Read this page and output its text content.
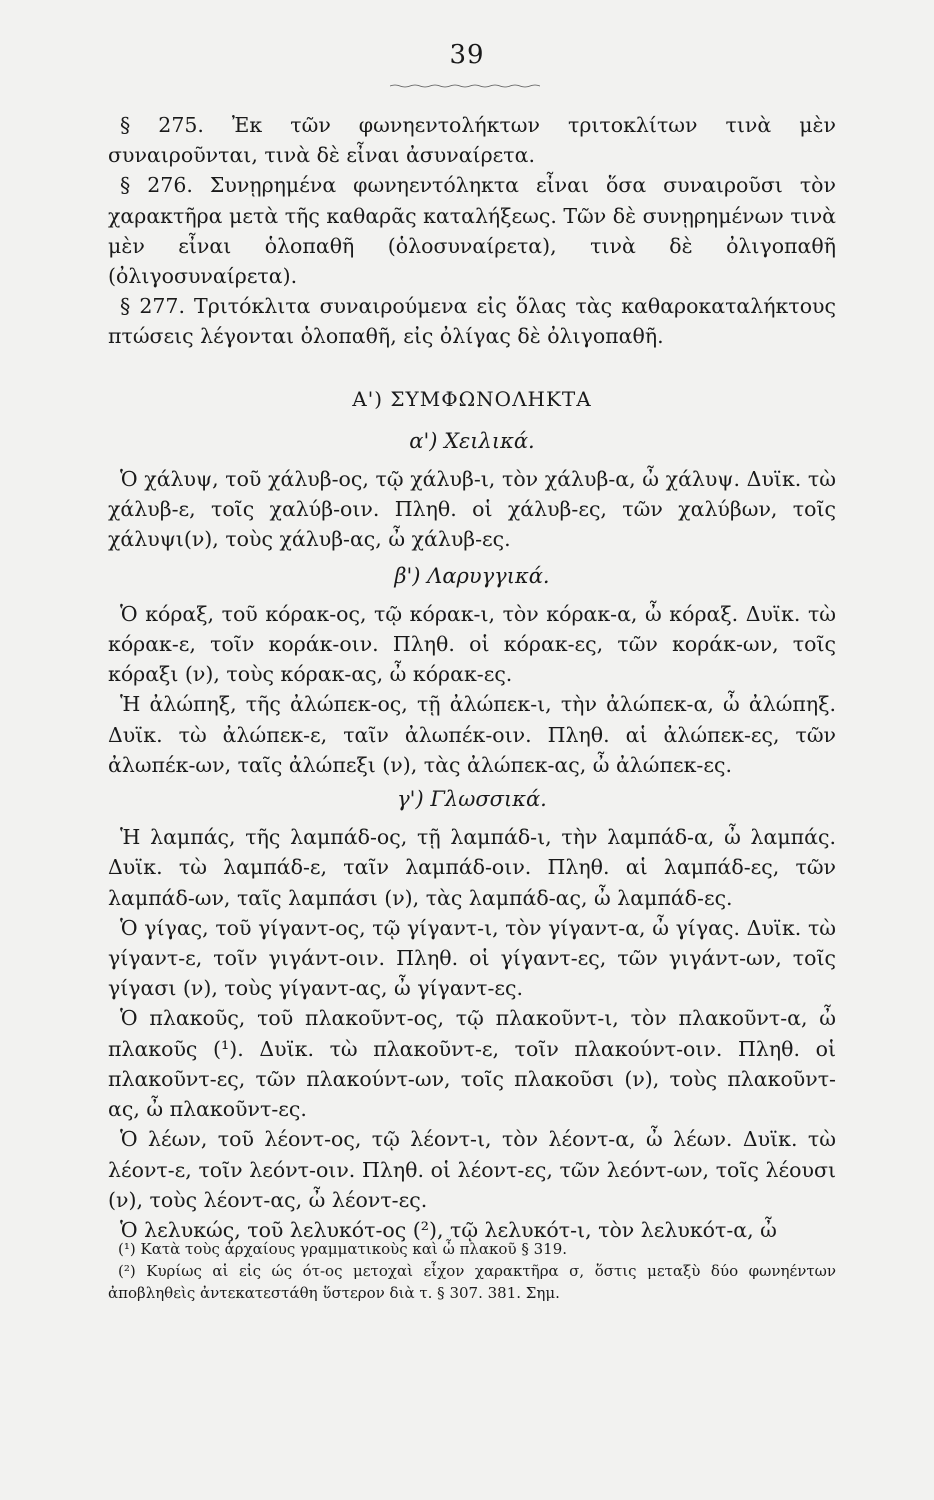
39

§ 275. Ἐκ τῶν φωνηεντολήκτων τριτοκλίτων τινὰ μὲν συναιροῦνται, τινὰ δὲ εἶναι ἀσυναίρετα.

§ 276. Συνῃρημένα φωνηεντόληκτα εἶναι ὅσα συναιροῦσι τὸν χαρακτῆρα μετὰ τῆς καθαρᾶς καταλήξεως. Τῶν δὲ συνῃρημένων τινὰ μὲν εἶναι ὁλοπαθῆ (ὁλοσυναίρετα), τινὰ δὲ ὀλιγοπαθῆ (ὀλιγοσυναίρετα).

§ 277. Τριτόκλιτα συναιρούμενα εἰς ὅλας τὰς καθαροκαταλήκτους πτώσεις λέγονται ὁλοπαθῆ, εἰς ὀλίγας δὲ ὀλιγοπαθῆ.

Α') ΣΥΜΦΩΝΟΛΗΚΤΑ
α') Χειλικά.

Ὁ χάλυψ, τοῦ χάλυβ-ος, τῷ χάλυβ-ι, τὸν χάλυβ-α, ὦ χάλυψ. Δυϊκ. τὼ χάλυβ-ε, τοῖς χαλύβ-οιν. Πληθ. οἱ χάλυβ-ες, τῶν χαλύβων, τοῖς χάλυψι(ν), τοὺς χάλυβ-ας, ὦ χάλυβ-ες.

β') Λαρυγγικά.

Ὁ κόραξ, τοῦ κόρακ-ος, τῷ κόρακ-ι, τὸν κόρακ-α, ὦ κόραξ. Δυϊκ. τὼ κόρακ-ε, τοῖν κοράκ-οιν. Πληθ. οἱ κόρακ-ες, τῶν κοράκ-ων, τοῖς κόραξι (ν), τοὺς κόρακ-ας, ὦ κόρακ-ες.

Ἡ ἀλώπηξ, τῆς ἀλώπεκ-ος, τῇ ἀλώπεκ-ι, τὴν ἀλώπεκ-α, ὦ ἀλώπηξ. Δυϊκ. τὼ ἀλώπεκ-ε, ταῖν ἀλωπέκ-οιν. Πληθ. αἱ ἀλώπεκ-ες, τῶν ἀλωπέκ-ων, ταῖς ἀλώπεξι (ν), τὰς ἀλώπεκ-ας, ὦ ἀλώπεκ-ες.

γ') Γλωσσικά.

Ἡ λαμπάς, τῆς λαμπάδ-ος, τῇ λαμπάδ-ι, τὴν λαμπάδ-α, ὦ λαμπάς. Δυϊκ. τὼ λαμπάδ-ε, ταῖν λαμπάδ-οιν. Πληθ. αἱ λαμπάδ-ες, τῶν λαμπάδ-ων, ταῖς λαμπάσι (ν), τὰς λαμπάδ-ας, ὦ λαμπάδ-ες.

Ὁ γίγας, τοῦ γίγαντ-ος, τῷ γίγαντ-ι, τὸν γίγαντ-α, ὦ γίγας. Δυϊκ. τὼ γίγαντ-ε, τοῖν γιγάντ-οιν. Πληθ. οἱ γίγαντ-ες, τῶν γιγάντ-ων, τοῖς γίγασι (ν), τοὺς γίγαντ-ας, ὦ γίγαντ-ες.

Ὁ πλακοῦς, τοῦ πλακοῦντ-ος, τῷ πλακοῦντ-ι, τὸν πλακοῦντ-α, ὦ πλακοῦς (¹). Δυϊκ. τὼ πλακοῦντ-ε, τοῖν πλακούντ-οιν. Πληθ. οἱ πλακοῦντ-ες, τῶν πλακούντ-ων, τοῖς πλακοῦσι (ν), τοὺς πλακοῦντ-ας, ὦ πλακοῦντ-ες.

Ὁ λέων, τοῦ λέοντ-ος, τῷ λέοντ-ι, τὸν λέοντ-α, ὦ λέων. Δυϊκ. τὼ λέοντ-ε, τοῖν λεόντ-οιν. Πληθ. οἱ λέοντ-ες, τῶν λεόντ-ων, τοῖς λέουσι (ν), τοὺς λέοντ-ας, ὦ λέοντ-ες.

Ὁ λελυκώς, τοῦ λελυκότ-ος (²), τῷ λελυκότ-ι, τὸν λελυκότ-α, ὦ

(¹) Κατὰ τοὺς ἀρχαίους γραμματικοὺς καὶ ὦ πλακοῦ § 319.

(²) Κυρίως αἱ εἰς ώς ότ-ος μετοχαὶ εἶχον χαρακτῆρα σ, ὅστις μεταξὺ δύο φωνηέντων ἀποβληθεὶς ἀντεκατεστάθη ὕστερον διὰ τ. § 307. 381. Σημ.
